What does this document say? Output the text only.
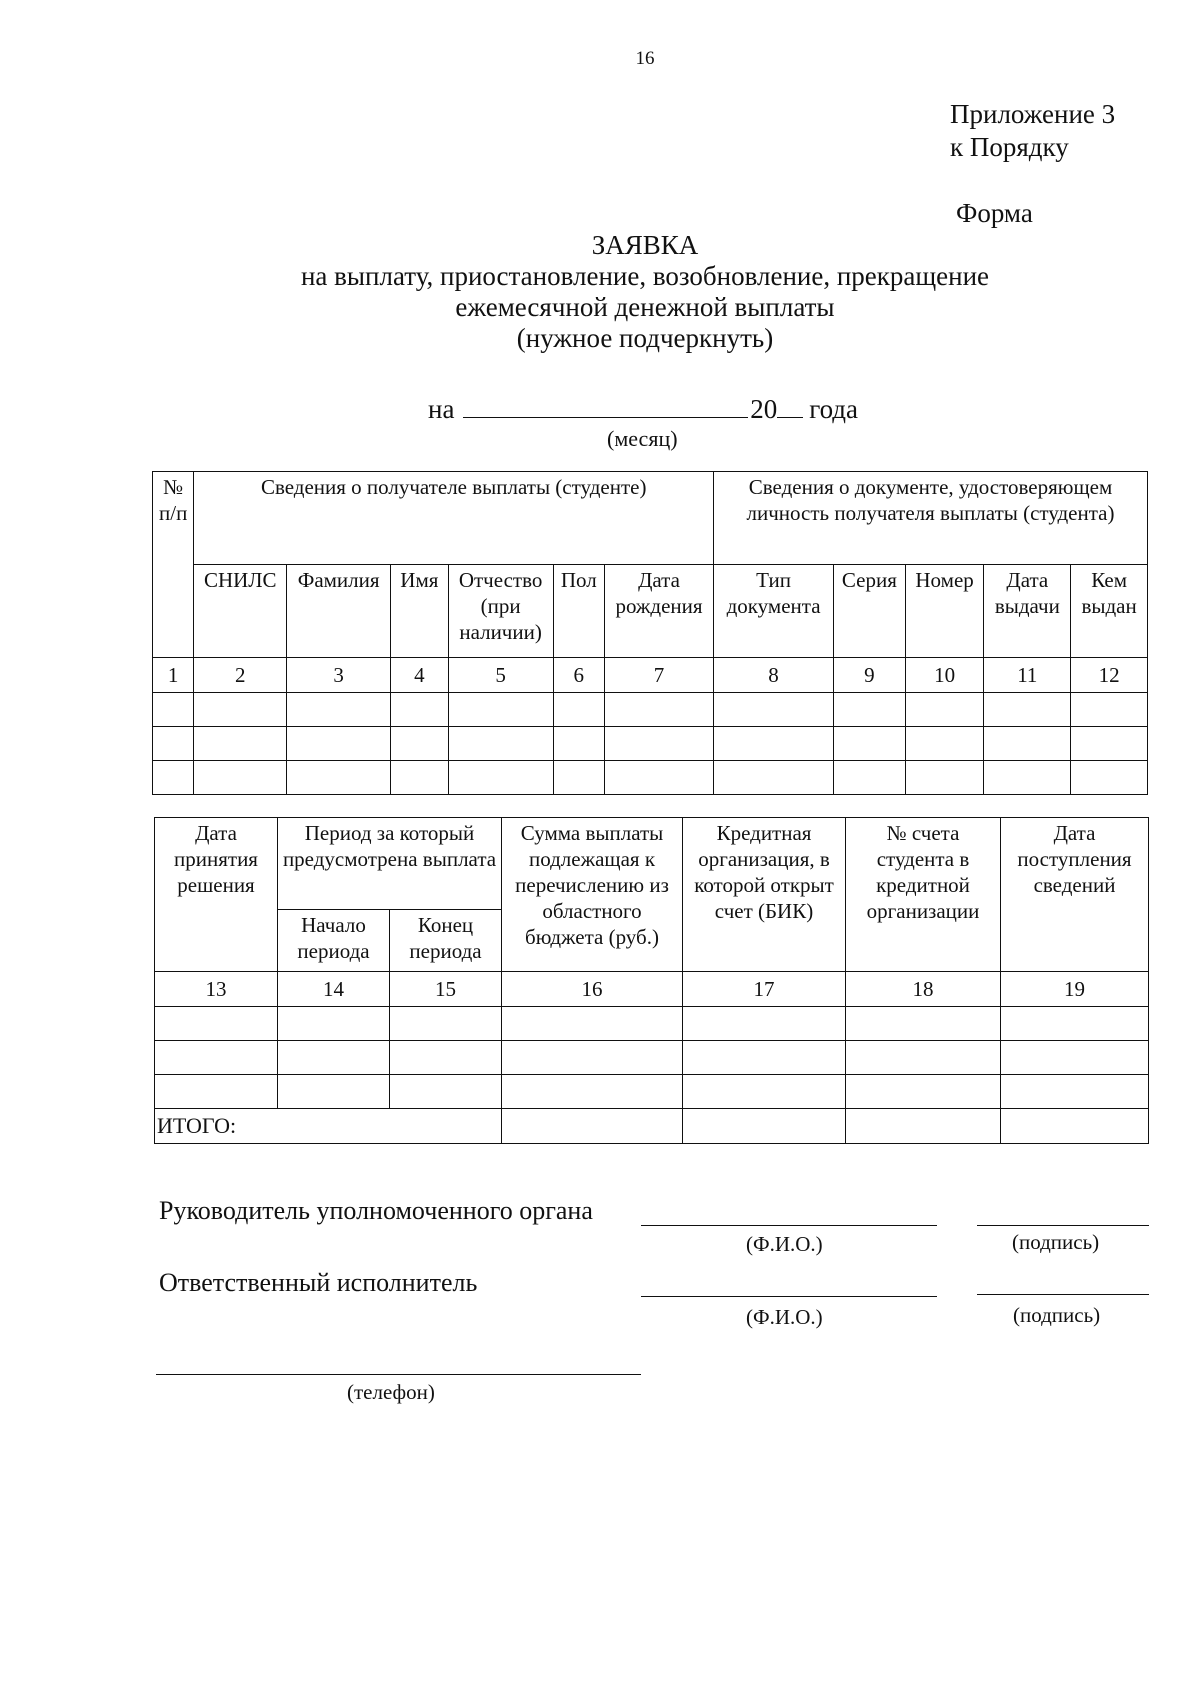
16
Приложение 3
к Порядку
Форма
ЗАЯВКА
на выплату, приостановление, возобновление, прекращение
ежемесячной денежной выплаты
(нужное подчеркнуть)
на	20 года
(месяц)
№ п/п	Сведения о получателе выплаты (студенте)						Сведения о документе, удостоверяющем личность получателя выплаты (студента)				
	СНИЛС	Фамилия	Имя	Отчество (при наличии)	Пол	Дата рождения	Тип документа	Серия	Номер	Дата выдачи	Кем выдан
1	2	3	4	5	6	7	8	9	10	11	12

Дата принятия решения	Период за который предусмотрена выплата		Сумма выплаты подлежащая к перечислению из областного бюджета (руб.)	Кредитная организация, в которой открыт счет (БИК)	№ счета студента в кредитной организации	Дата поступления сведений
	Начало периода	Конец периода				
13	14	15	16	17	18	19

ИТОГО:						
Руководитель уполномоченного органа
(Ф.И.О.)	(подпись)
Ответственный исполнитель
(Ф.И.О.)	(подпись)
(телефон)
